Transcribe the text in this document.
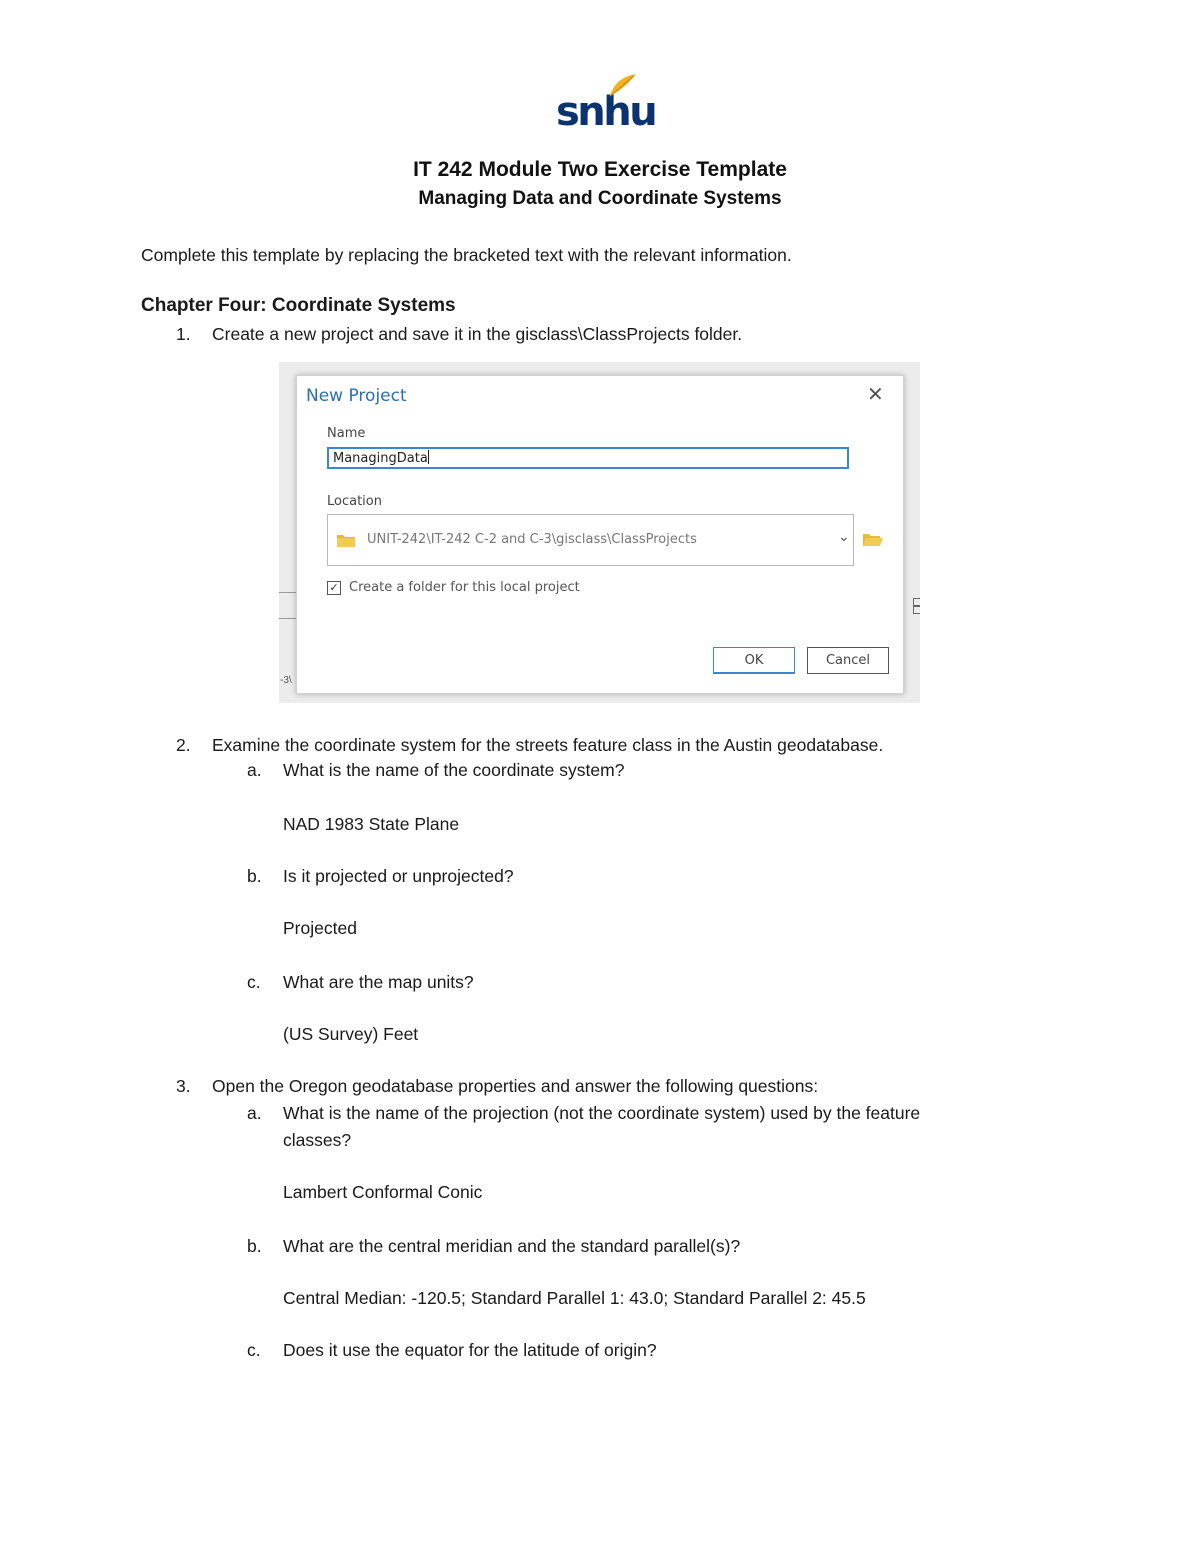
snhu
IT 242 Module Two Exercise Template
Managing Data and Coordinate Systems
Complete this template by replacing the bracketed text with the relevant information.
Chapter Four: Coordinate Systems
1. Create a new project and save it in the gisclass\ClassProjects folder.
-3\
New Project	✕
Name
ManagingData
Location
UNIT-242\IT-242 C-2 and C-3\gisclass\ClassProjects	⌄
✓ Create a folder for this local project
OK	Cancel
2. Examine the coordinate system for the streets feature class in the Austin geodatabase.
a. What is the name of the coordinate system?
NAD 1983 State Plane
b. Is it projected or unprojected?
Projected
c. What are the map units?
(US Survey) Feet
3. Open the Oregon geodatabase properties and answer the following questions:
a. What is the name of the projection (not the coordinate system) used by the feature
classes?
Lambert Conformal Conic
b. What are the central meridian and the standard parallel(s)?
Central Median: -120.5; Standard Parallel 1: 43.0; Standard Parallel 2: 45.5
c. Does it use the equator for the latitude of origin?
